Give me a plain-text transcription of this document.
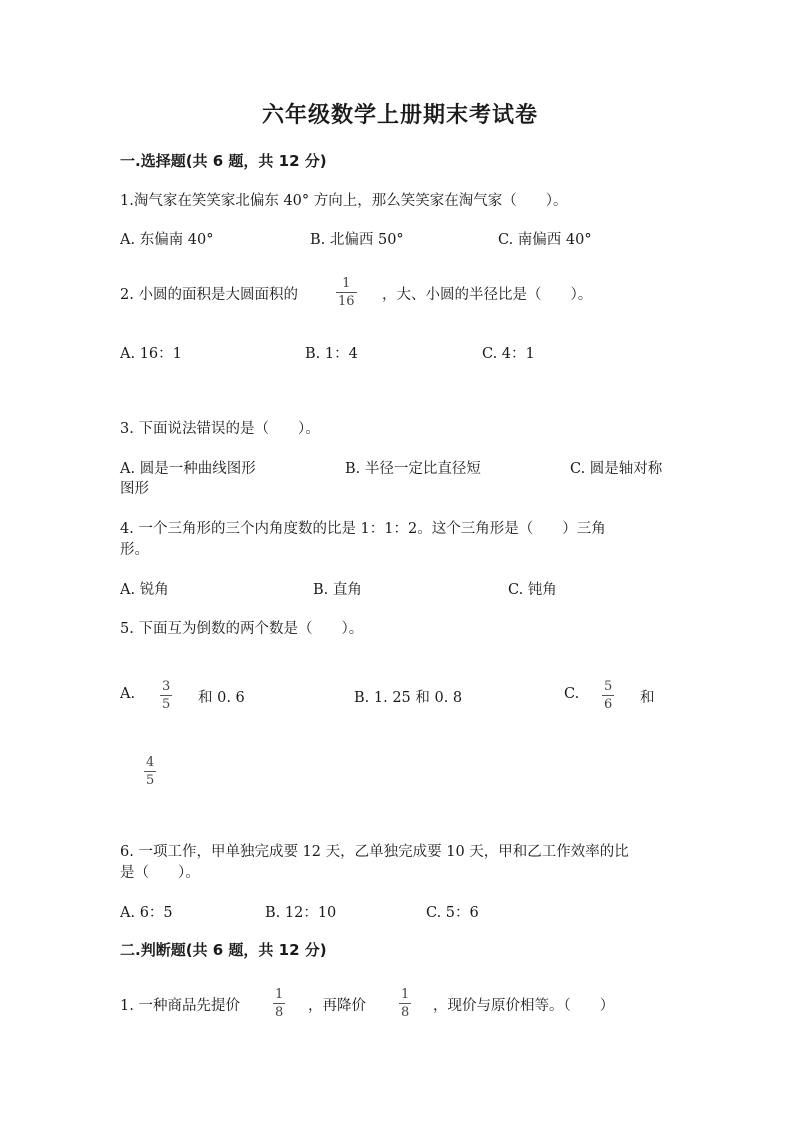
六年级数学上册期末考试卷
一.选择题(共 6 题，共 12 分)
1.淘气家在笑笑家北偏东 40° 方向上，那么笑笑家在淘气家（　　）。
A. 东偏南 40°	B. 北偏西 50°	C. 南偏西 40°
2. 小圆的面积是大圆面积的
1
16 ，大、小圆的半径比是（　　）。
A. 16：1	B. 1：4	C. 4：1
3. 下面说法错误的是（　　）。
A. 圆是一种曲线图形	B. 半径一定比直径短	C. 圆是轴对称
图形
4. 一个三角形的三个内角度数的比是 1：1：2。这个三角形是（　　）三角
形。
A. 锐角	B. 直角	C. 钝角
5. 下面互为倒数的两个数是（　　）。
A. 3
5 和 0. 6	B. 1. 25 和 0. 8	C. 5
6 和
4
5
6. 一项工作，甲单独完成要 12 天，乙单独完成要 10 天，甲和乙工作效率的比
是（　　）。
A. 6：5	B. 12：10	C. 5：6
二.判断题(共 6 题，共 12 分)
1. 一种商品先提价
1
8 ，再降价
1
8 ，现价与原价相等。（　　）
